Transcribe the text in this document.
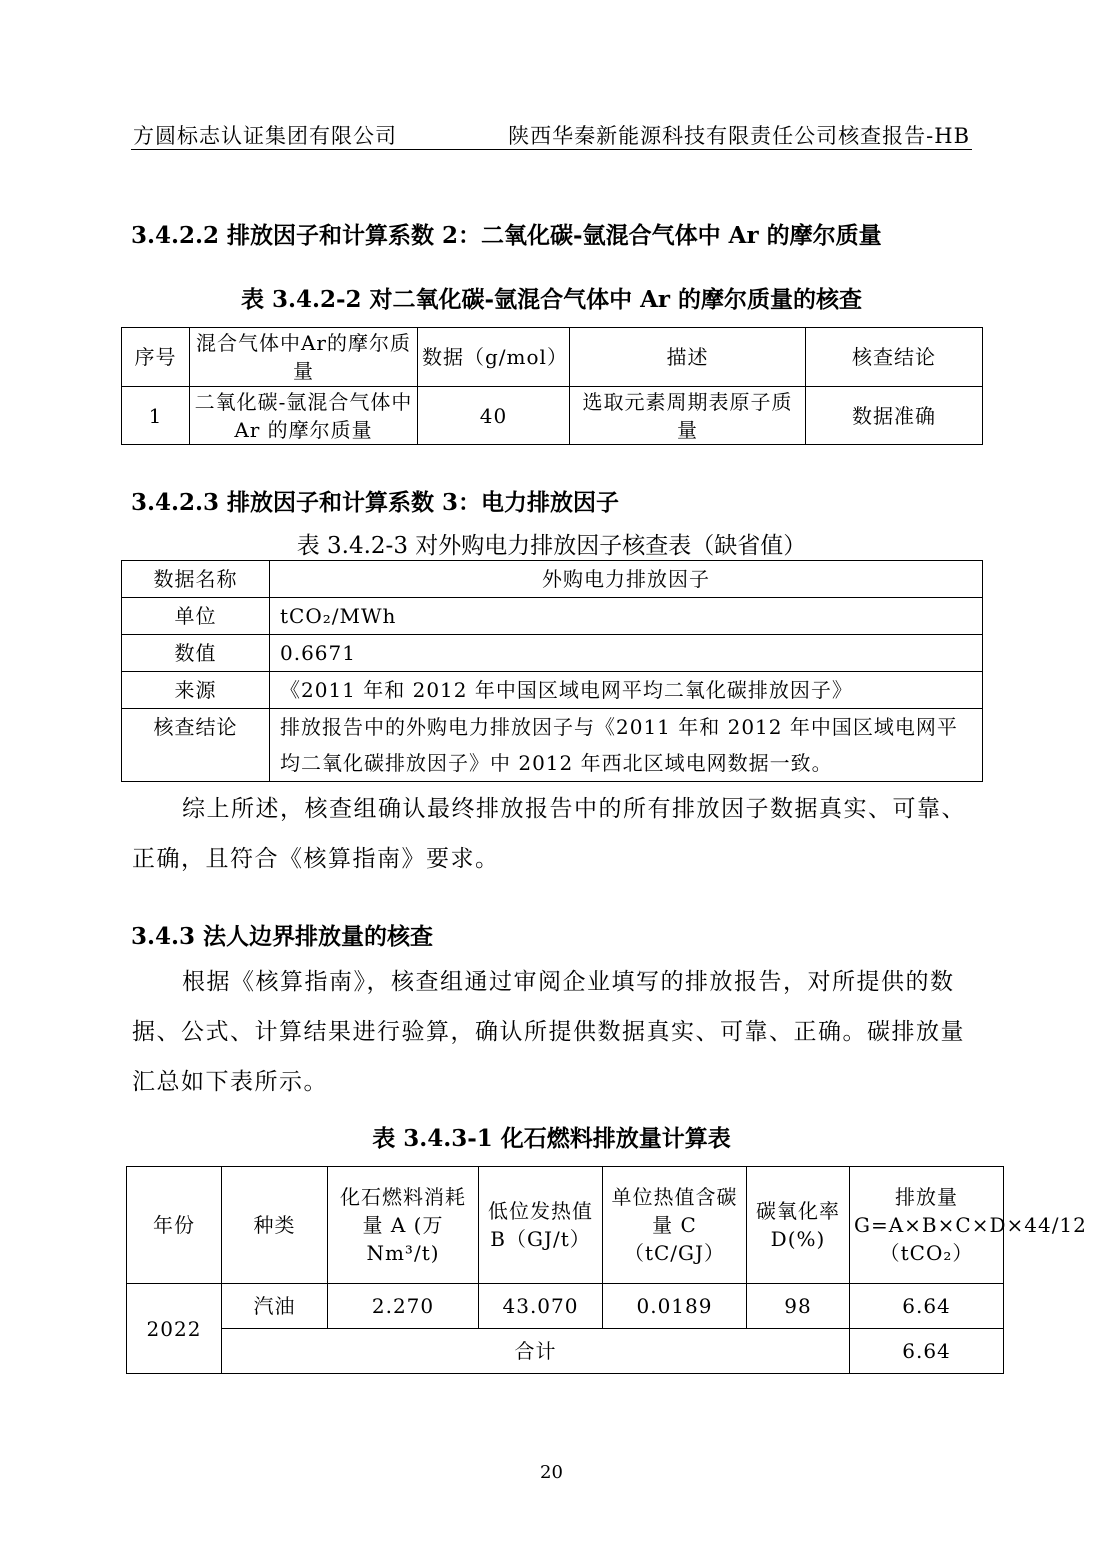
方圆标志认证集团有限公司	陕西华秦新能源科技有限责任公司核查报告-HB
3.4.2.2 排放因子和计算系数 2：二氧化碳-氩混合气体中 Ar 的摩尔质量
表 3.4.2-2 对二氧化碳-氩混合气体中 Ar 的摩尔质量的核查
序号	混合气体中Ar的摩尔质量	数据（g/mol）	描述	核查结论
1	二氧化碳-氩混合气体中 Ar 的摩尔质量	40	选取元素周期表原子质量	数据准确
3.4.2.3 排放因子和计算系数 3：电力排放因子
表 3.4.2-3 对外购电力排放因子核查表（缺省值）
数据名称	外购电力排放因子
单位	tCO₂/MWh
数值	0.6671
来源	《2011 年和 2012 年中国区域电网平均二氧化碳排放因子》
核查结论	排放报告中的外购电力排放因子与《2011 年和 2012 年中国区域电网平均二氧化碳排放因子》中 2012 年西北区域电网数据一致。
综上所述，核查组确认最终排放报告中的所有排放因子数据真实、可靠、正确，且符合《核算指南》要求。
3.4.3 法人边界排放量的核查
根据《核算指南》，核查组通过审阅企业填写的排放报告，对所提供的数据、公式、计算结果进行验算，确认所提供数据真实、可靠、正确。碳排放量汇总如下表所示。
表 3.4.3-1 化石燃料排放量计算表
年份	种类	化石燃料消耗量 A (万 Nm³/t)	低位发热值 B（GJ/t）	单位热值含碳量 C（tC/GJ）	碳氧化率 D(%)	排放量 G=A×B×C×D×44/12（tCO₂）
2022	汽油	2.270	43.070	0.0189	98	6.64
	合计					6.64
20
